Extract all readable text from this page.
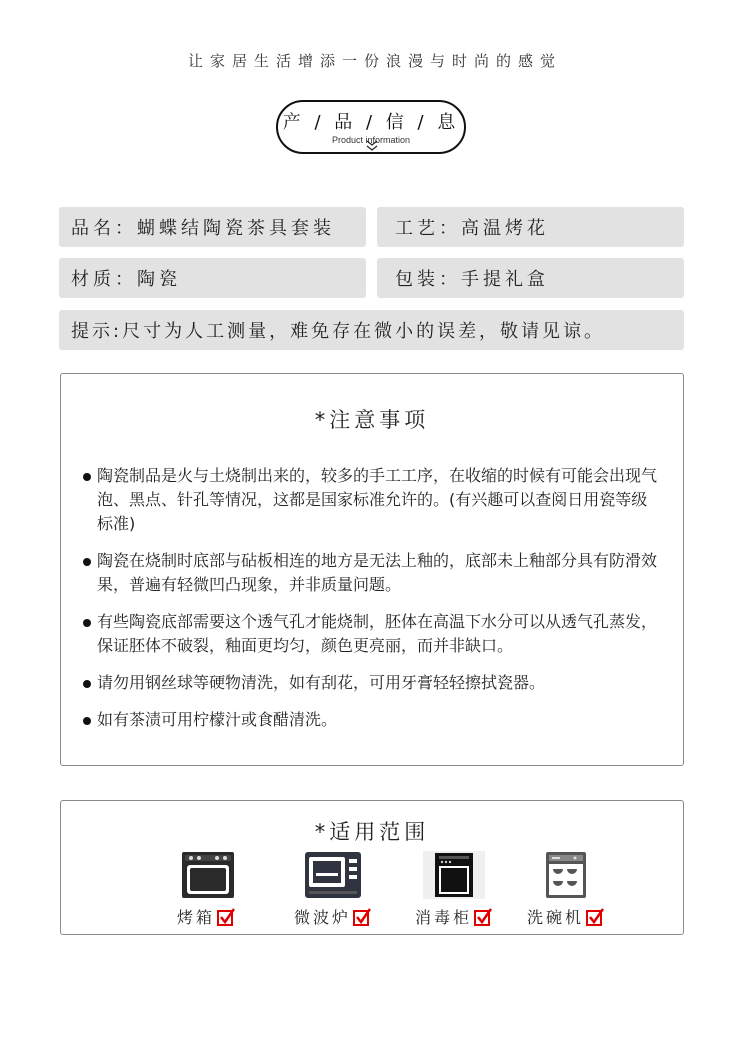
让家居生活增添一份浪漫与时尚的感觉
产 / 品 / 信 / 息
Product information
品名：蝴蝶结陶瓷茶具套装	工艺：高温烤花
材质：陶瓷	包装：手提礼盒
提示:尺寸为人工测量，难免存在微小的误差，敬请见谅。
*注意事项
陶瓷制品是火与土烧制出来的，较多的手工工序，在收缩的时候有可能会出现气泡、黑点、针孔等情况，这都是国家标准允许的。(有兴趣可以查阅日用瓷等级标准)
陶瓷在烧制时底部与砧板相连的地方是无法上釉的，底部未上釉部分具有防滑效果，普遍有轻微凹凸现象，并非质量问题。
有些陶瓷底部需要这个透气孔才能烧制，胚体在高温下水分可以从透气孔蒸发，保证胚体不破裂，釉面更均匀，颜色更亮丽，而并非缺口。
请勿用钢丝球等硬物清洗，如有刮花，可用牙膏轻轻擦拭瓷器。
如有茶渍可用柠檬汁或食醋清洗。
*适用范围
烤箱	微波炉	消毒柜	洗碗机
